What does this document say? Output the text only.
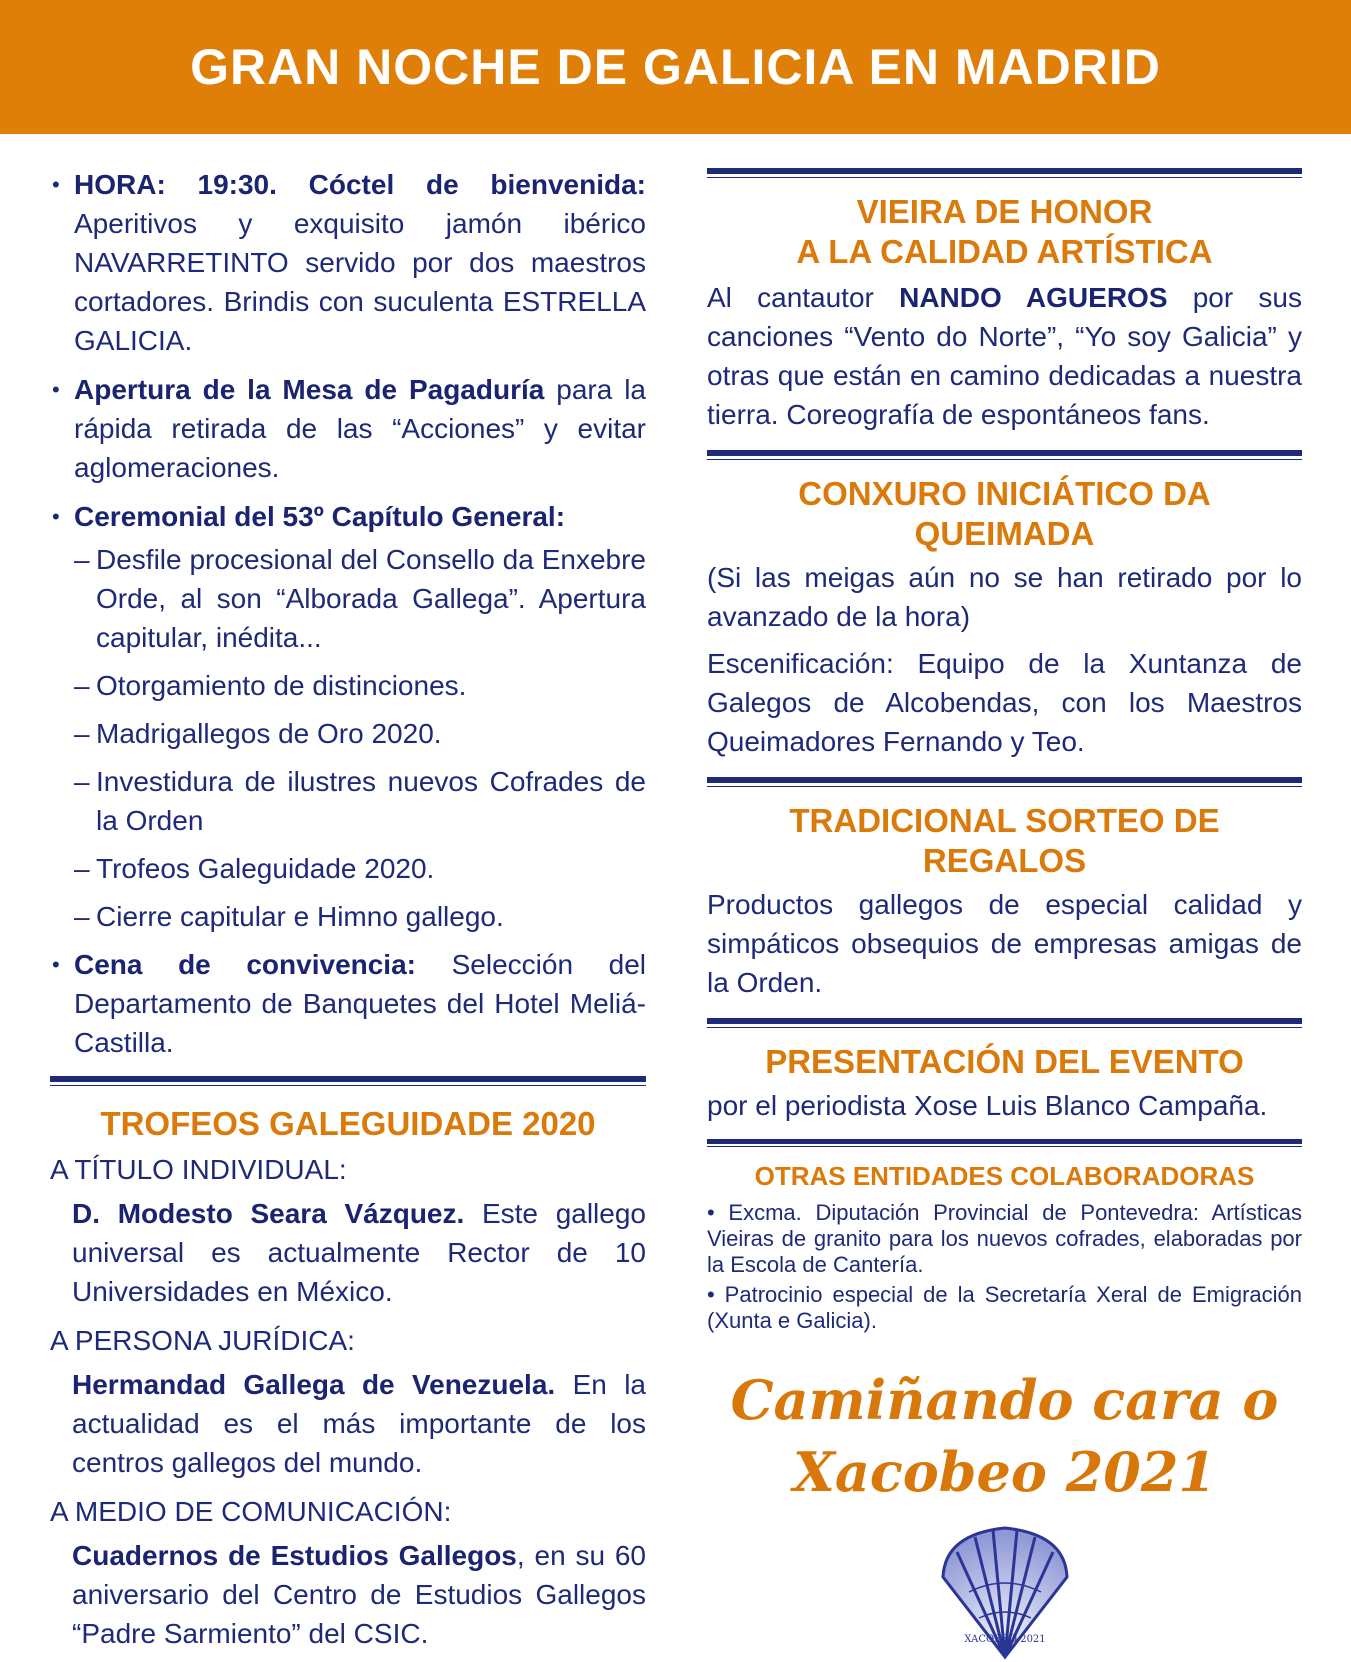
GRAN NOCHE DE GALICIA EN MADRID
• HORA: 19:30. Cóctel de bienvenida: Aperitivos y exquisito jamón ibérico NAVARRETINTO servido por dos maestros cortadores. Brindis con suculenta ESTRELLA GALICIA.
• Apertura de la Mesa de Pagaduría para la rápida retirada de las “Acciones” y evitar aglomeraciones.
• Ceremonial del 53º Capítulo General:
– Desfile procesional del Consello da Enxebre Orde, al son “Alborada Gallega”. Apertura capitular, inédita...
– Otorgamiento de distinciones.
– Madrigallegos de Oro 2020.
– Investidura de ilustres nuevos Cofrades de la Orden
– Trofeos Galeguidade 2020.
– Cierre capitular e Himno gallego.
• Cena de convivencia: Selección del Departamento de Banquetes del Hotel Meliá-Castilla.
TROFEOS GALEGUIDADE 2020
A TÍTULO INDIVIDUAL:
D. Modesto Seara Vázquez. Este gallego universal es actualmente Rector de 10 Universidades en México.
A PERSONA JURÍDICA:
Hermandad Gallega de Venezuela. En la actualidad es el más importante de los centros gallegos del mundo.
A MEDIO DE COMUNICACIÓN:
Cuadernos de Estudios Gallegos, en su 60 aniversario del Centro de Estudios Gallegos “Padre Sarmiento” del CSIC.
VIEIRA DE HONOR
A LA CALIDAD ARTÍSTICA
Al cantautor NANDO AGUEROS por sus canciones “Vento do Norte”, “Yo soy Galicia” y otras que están en camino dedicadas a nuestra tierra. Coreografía de espontáneos fans.
CONXURO INICIÁTICO DA QUEIMADA
(Si las meigas aún no se han retirado por lo avanzado de la hora)
Escenificación: Equipo de la Xuntanza de Galegos de Alcobendas, con los Maestros Queimadores Fernando y Teo.
TRADICIONAL SORTEO DE REGALOS
Productos gallegos de especial calidad y simpáticos obsequios de empresas amigas de la Orden.
PRESENTACIÓN DEL EVENTO
por el periodista Xose Luis Blanco Campaña.
OTRAS ENTIDADES COLABORADORAS
• Excma. Diputación Provincial de Pontevedra: Artísticas Vieiras de granito para los nuevos cofrades, elaboradas por la Escola de Cantería.
• Patrocinio especial de la Secretaría Xeral de Emigración (Xunta e Galicia).
Camiñando cara o
Xacobeo 2021
XACOBEO 2021
